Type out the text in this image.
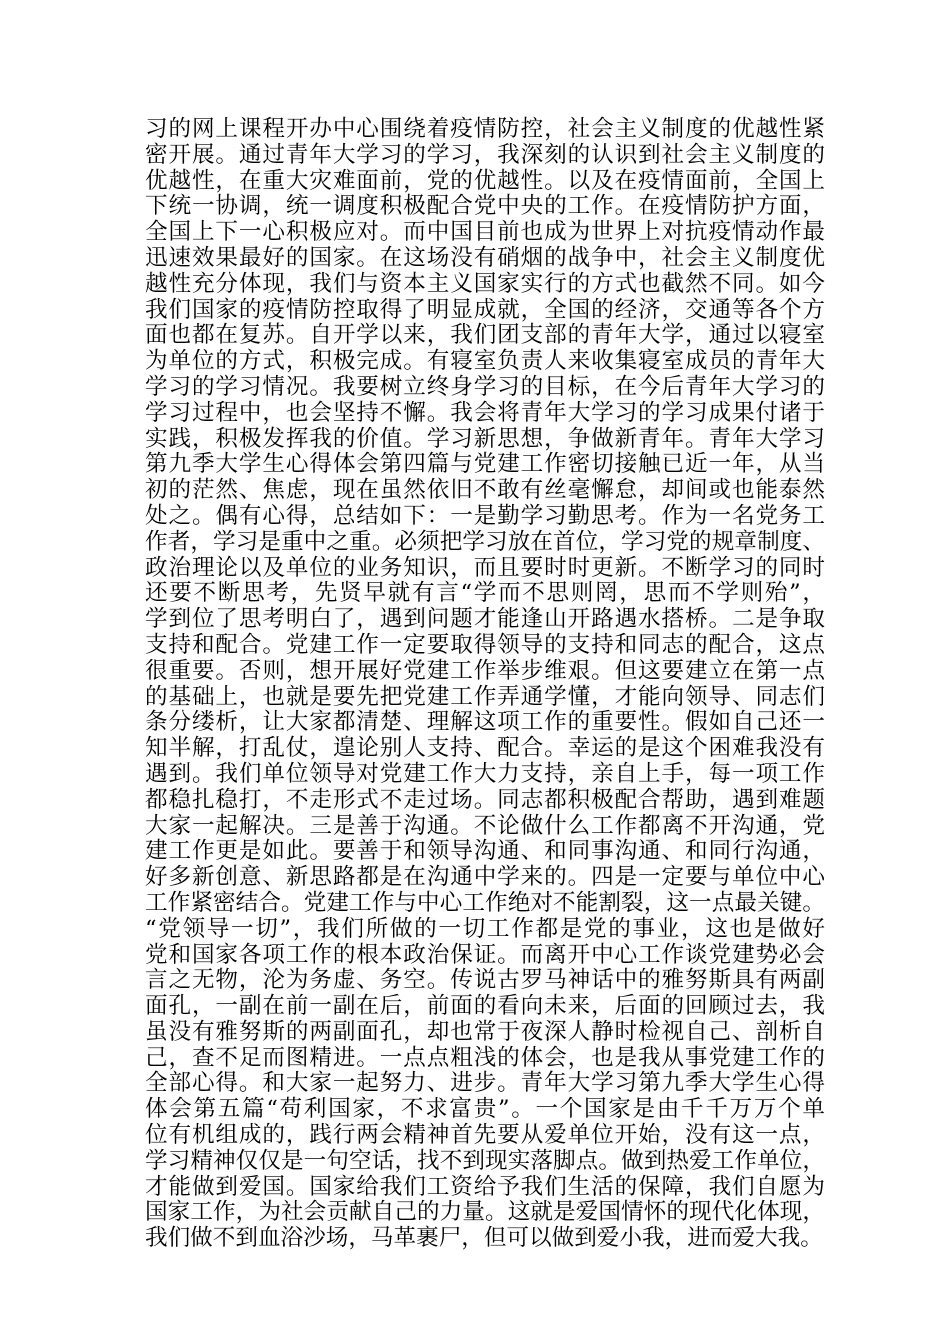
习的网上课程开办中心围绕着疫情防控，社会主义制度的优越性紧
密开展。通过青年大学习的学习，我深刻的认识到社会主义制度的
优越性，在重大灾难面前，党的优越性。以及在疫情面前，全国上
下统一协调，统一调度积极配合党中央的工作。在疫情防护方面，
全国上下一心积极应对。而中国目前也成为世界上对抗疫情动作最
迅速效果最好的国家。在这场没有硝烟的战争中，社会主义制度优
越性充分体现，我们与资本主义国家实行的方式也截然不同。如今
我们国家的疫情防控取得了明显成就，全国的经济，交通等各个方
面也都在复苏。自开学以来，我们团支部的青年大学，通过以寝室
为单位的方式，积极完成。有寝室负责人来收集寝室成员的青年大
学习的学习情况。我要树立终身学习的目标，在今后青年大学习的
学习过程中，也会坚持不懈。我会将青年大学习的学习成果付诸于
实践，积极发挥我的价值。学习新思想，争做新青年。青年大学习
第九季大学生心得体会第四篇与党建工作密切接触已近一年，从当
初的茫然、焦虑，现在虽然依旧不敢有丝毫懈怠，却间或也能泰然
处之。偶有心得，总结如下：一是勤学习勤思考。作为一名党务工
作者，学习是重中之重。必须把学习放在首位，学习党的规章制度、
政治理论以及单位的业务知识，而且要时时更新。不断学习的同时
还要不断思考，先贤早就有言“学而不思则罔，思而不学则殆”，
学到位了思考明白了，遇到问题才能逢山开路遇水搭桥。二是争取
支持和配合。党建工作一定要取得领导的支持和同志的配合，这点
很重要。否则，想开展好党建工作举步维艰。但这要建立在第一点
的基础上，也就是要先把党建工作弄通学懂，才能向领导、同志们
条分缕析，让大家都清楚、理解这项工作的重要性。假如自己还一
知半解，打乱仗，遑论别人支持、配合。幸运的是这个困难我没有
遇到。我们单位领导对党建工作大力支持，亲自上手，每一项工作
都稳扎稳打，不走形式不走过场。同志都积极配合帮助，遇到难题
大家一起解决。三是善于沟通。不论做什么工作都离不开沟通，党
建工作更是如此。要善于和领导沟通、和同事沟通、和同行沟通，
好多新创意、新思路都是在沟通中学来的。四是一定要与单位中心
工作紧密结合。党建工作与中心工作绝对不能割裂，这一点最关键。
“党领导一切”，我们所做的一切工作都是党的事业，这也是做好
党和国家各项工作的根本政治保证。而离开中心工作谈党建势必会
言之无物，沦为务虚、务空。传说古罗马神话中的雅努斯具有两副
面孔，一副在前一副在后，前面的看向未来，后面的回顾过去，我
虽没有雅努斯的两副面孔，却也常于夜深人静时检视自己、剖析自
己，查不足而图精进。一点点粗浅的体会，也是我从事党建工作的
全部心得。和大家一起努力、进步。青年大学习第九季大学生心得
体会第五篇“苟利国家，不求富贵”。一个国家是由千千万万个单
位有机组成的，践行两会精神首先要从爱单位开始，没有这一点，
学习精神仅仅是一句空话，找不到现实落脚点。做到热爱工作单位，
才能做到爱国。国家给我们工资给予我们生活的保障，我们自愿为
国家工作，为社会贡献自己的力量。这就是爱国情怀的现代化体现，
我们做不到血浴沙场，马革裹尸，但可以做到爱小我，进而爱大我。
